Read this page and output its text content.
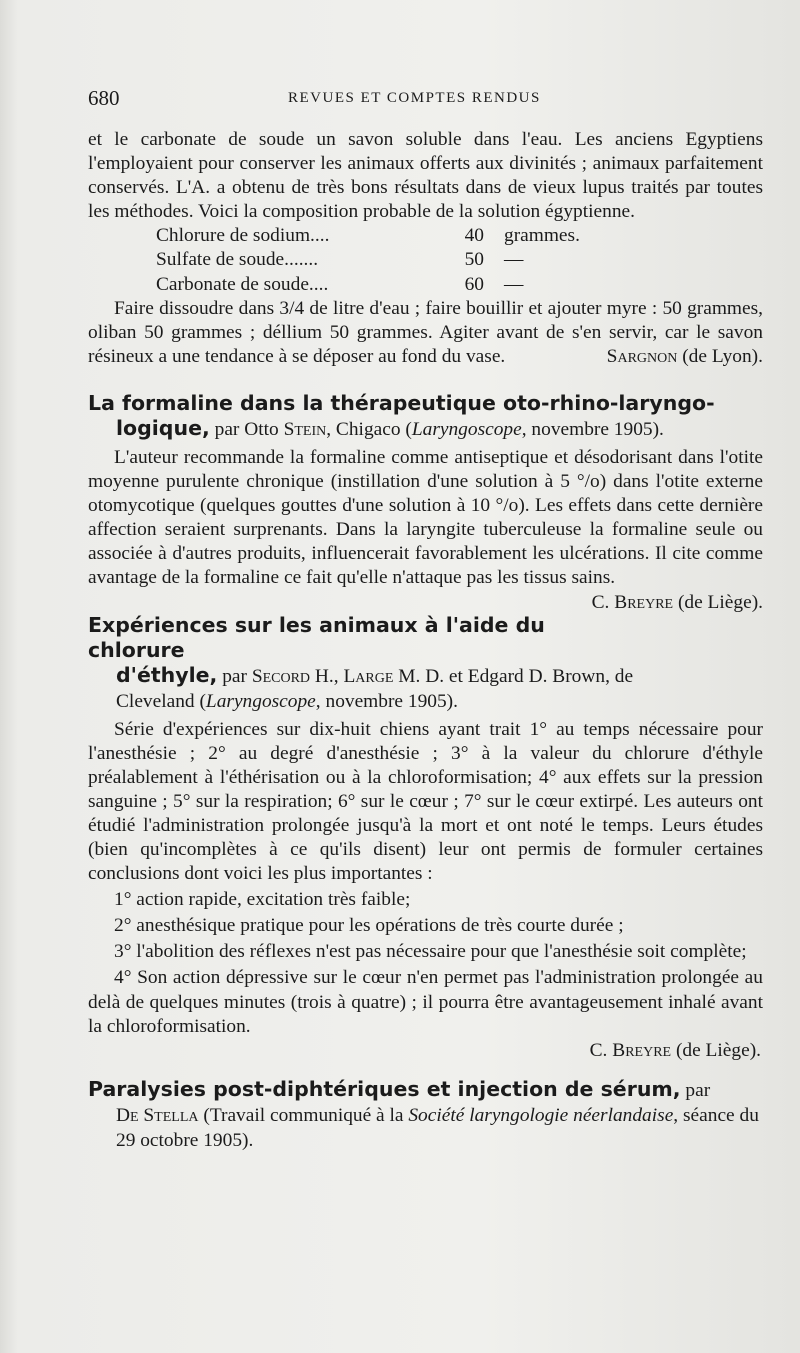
680	REVUES ET COMPTES RENDUS

et le carbonate de soude un savon soluble dans l'eau. Les anciens Egyptiens l'employaient pour conserver les animaux offerts aux divinités ; animaux parfaitement conservés. L'A. a obtenu de très bons résultats dans de vieux lupus traités par toutes les méthodes. Voici la composition probable de la solution égyptienne.

Chlorure de sodium....	40	grammes.
Sulfate de soude.......	50	—
Carbonate de soude....	60	—

Faire dissoudre dans 3/4 de litre d'eau ; faire bouillir et ajouter myre : 50 grammes, oliban 50 grammes ; déllium 50 grammes. Agiter avant de s'en servir, car le savon résineux a une tendance à se déposer au fond du vase.	Sargnon (de Lyon).

La formaline dans la thérapeutique oto-rhino-laryngo-
logique, par Otto Stein, Chigaco (Laryngoscope, novembre 1905).

L'auteur recommande la formaline comme antiseptique et désodorisant dans l'otite moyenne purulente chronique (instillation d'une solution à 5 °/o) dans l'otite externe otomycotique (quelques gouttes d'une solution à 10 °/o). Les effets dans cette dernière affection seraient surprenants. Dans la laryngite tuberculeuse la formaline seule ou associée à d'autres produits, influencerait favorablement les ulcérations. Il cite comme avantage de la formaline ce fait qu'elle n'attaque pas les tissus sains.
C. Breyre (de Liège).

Expériences sur les animaux à l'aide du chlorure
d'éthyle, par Secord H., Large M. D. et Edgard D. Brown, de
Cleveland (Laryngoscope, novembre 1905).

Série d'expériences sur dix-huit chiens ayant trait 1° au temps nécessaire pour l'anesthésie ; 2° au degré d'anesthésie ; 3° à la valeur du chlorure d'éthyle préalablement à l'éthérisation ou à la chloroformisation; 4° aux effets sur la pression sanguine ; 5° sur la respiration; 6° sur le cœur ; 7° sur le cœur extirpé. Les auteurs ont étudié l'administration prolongée jusqu'à la mort et ont noté le temps. Leurs études (bien qu'incomplètes à ce qu'ils disent) leur ont permis de formuler certaines conclusions dont voici les plus importantes :

1° action rapide, excitation très faible;

2° anesthésique pratique pour les opérations de très courte durée ;

3° l'abolition des réflexes n'est pas nécessaire pour que l'anesthésie soit complète;

4° Son action dépressive sur le cœur n'en permet pas l'administration prolongée au delà de quelques minutes (trois à quatre) ; il pourra être avantageusement inhalé avant la chloroformisation.

C. Breyre (de Liège).

Paralysies post-diphtériques et injection de sérum, par
De Stella (Travail communiqué à la Société laryngologie néerlandaise, séance du 29 octobre 1905).
